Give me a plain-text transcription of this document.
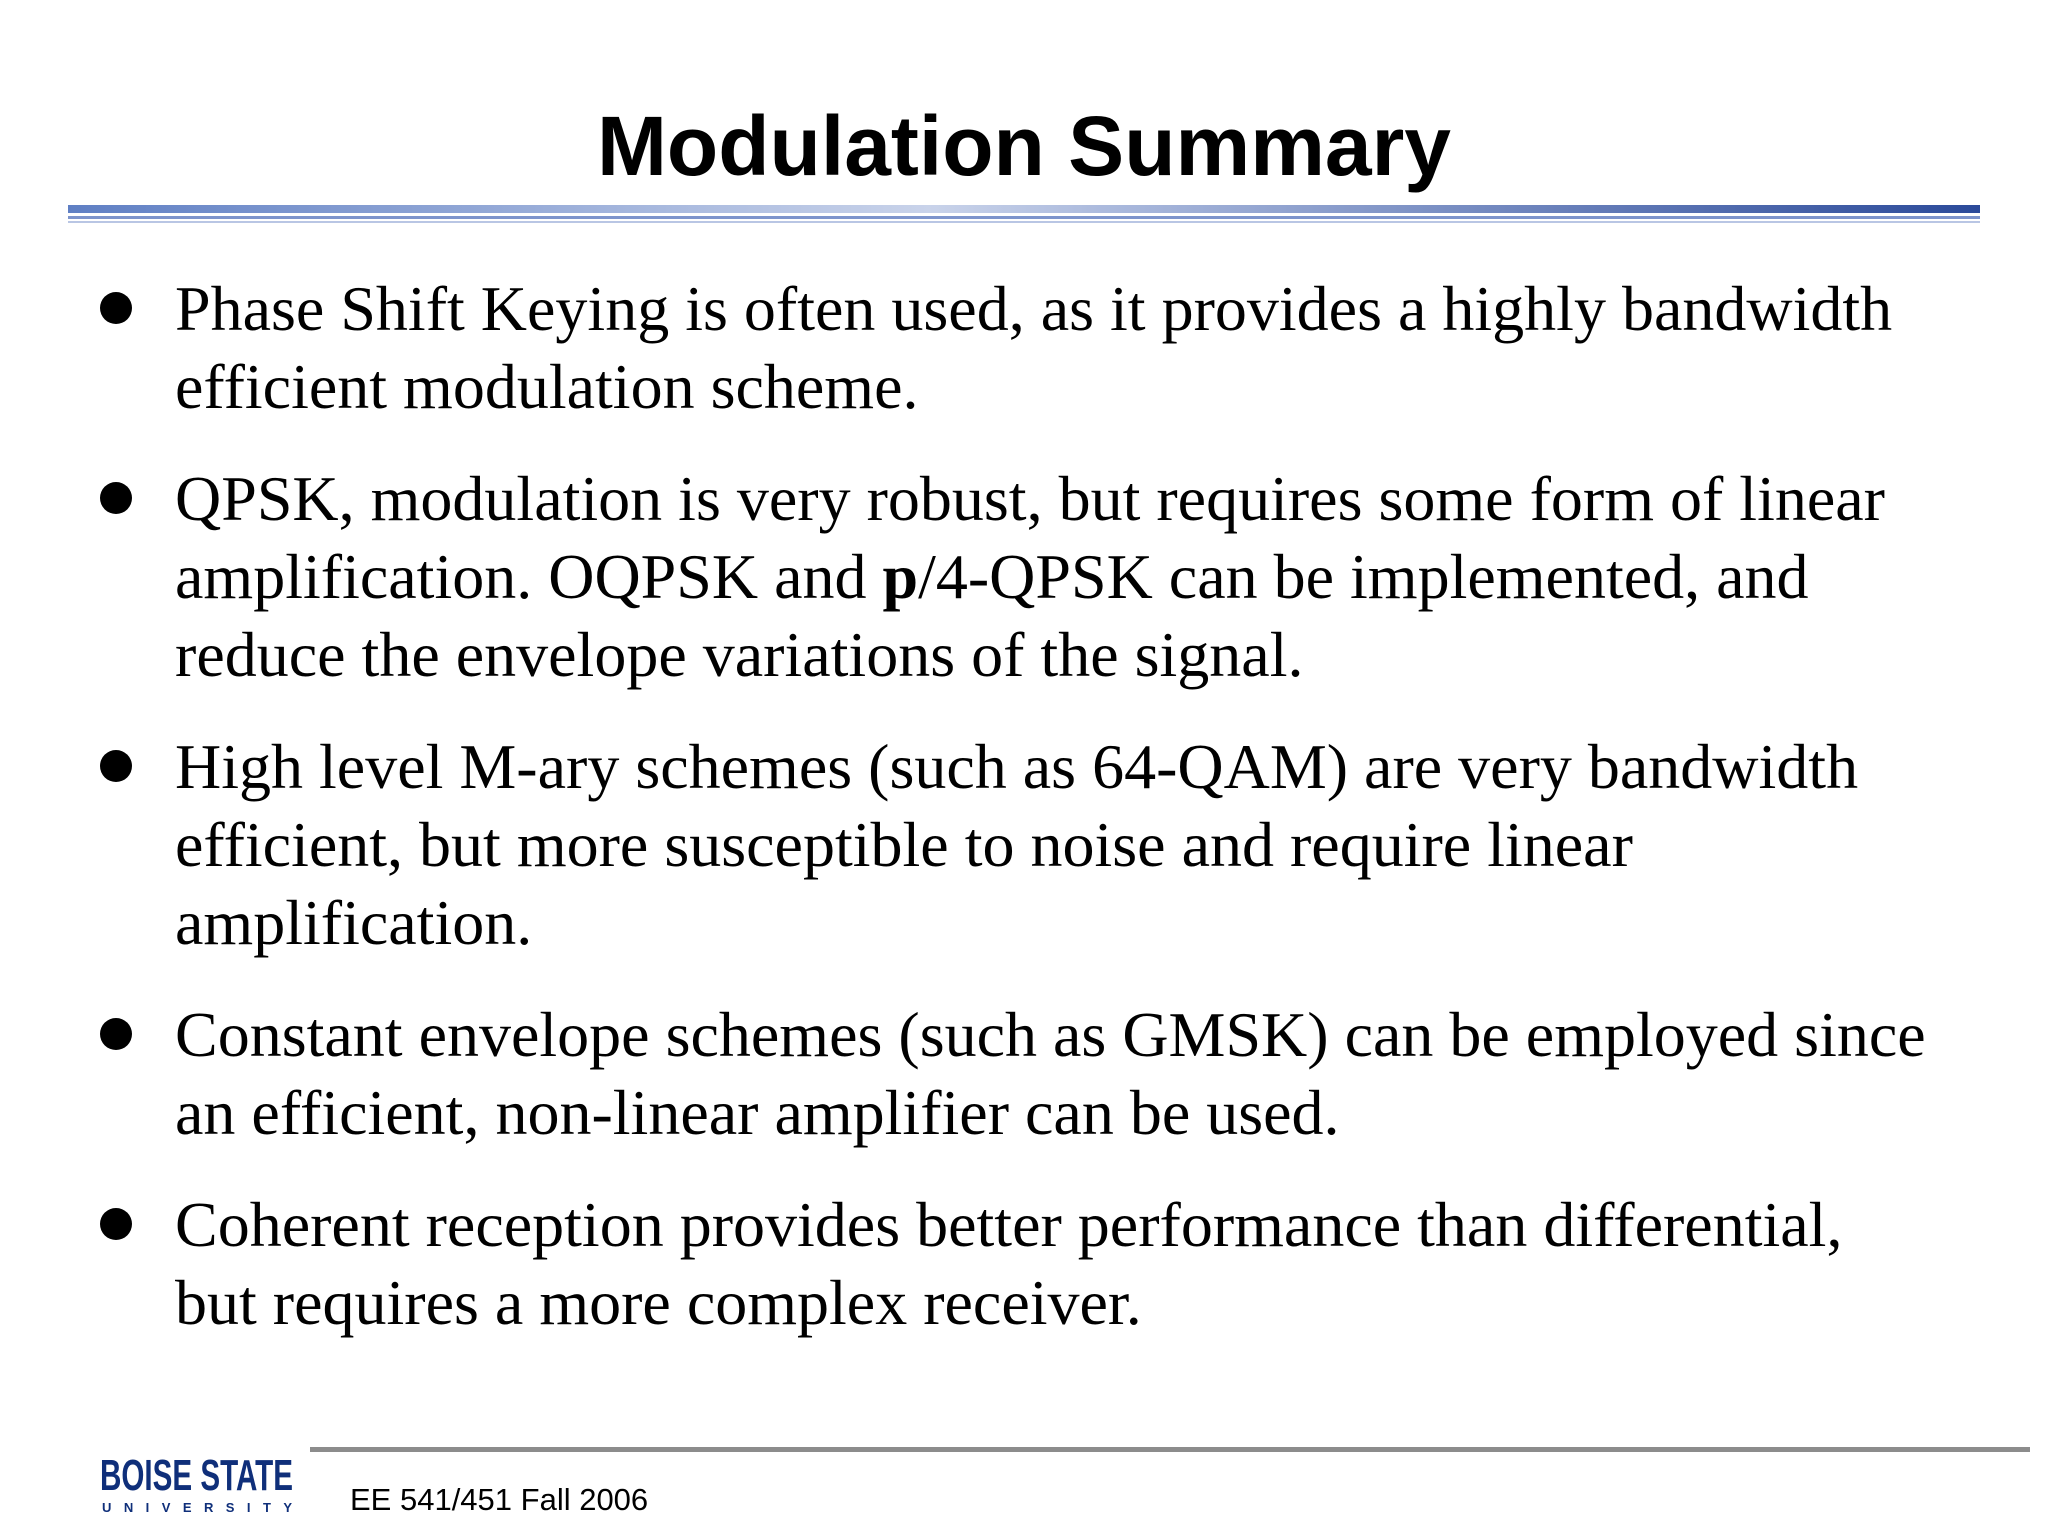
Modulation Summary
Phase Shift Keying is often used, as it provides a highly bandwidth efficient modulation scheme.
QPSK, modulation is very robust, but requires some form of linear amplification. OQPSK and p/4-QPSK can be implemented, and reduce the envelope variations of the signal.
High level M-ary schemes (such as 64-QAM) are very bandwidth efficient, but more susceptible to noise and require linear amplification.
Constant envelope schemes (such as GMSK) can be employed since an efficient, non-linear amplifier can be used.
Coherent reception provides better performance than differential, but requires a more complex receiver.
BOISE STATE
UNIVERSITY EE 541/451 Fall 2006
